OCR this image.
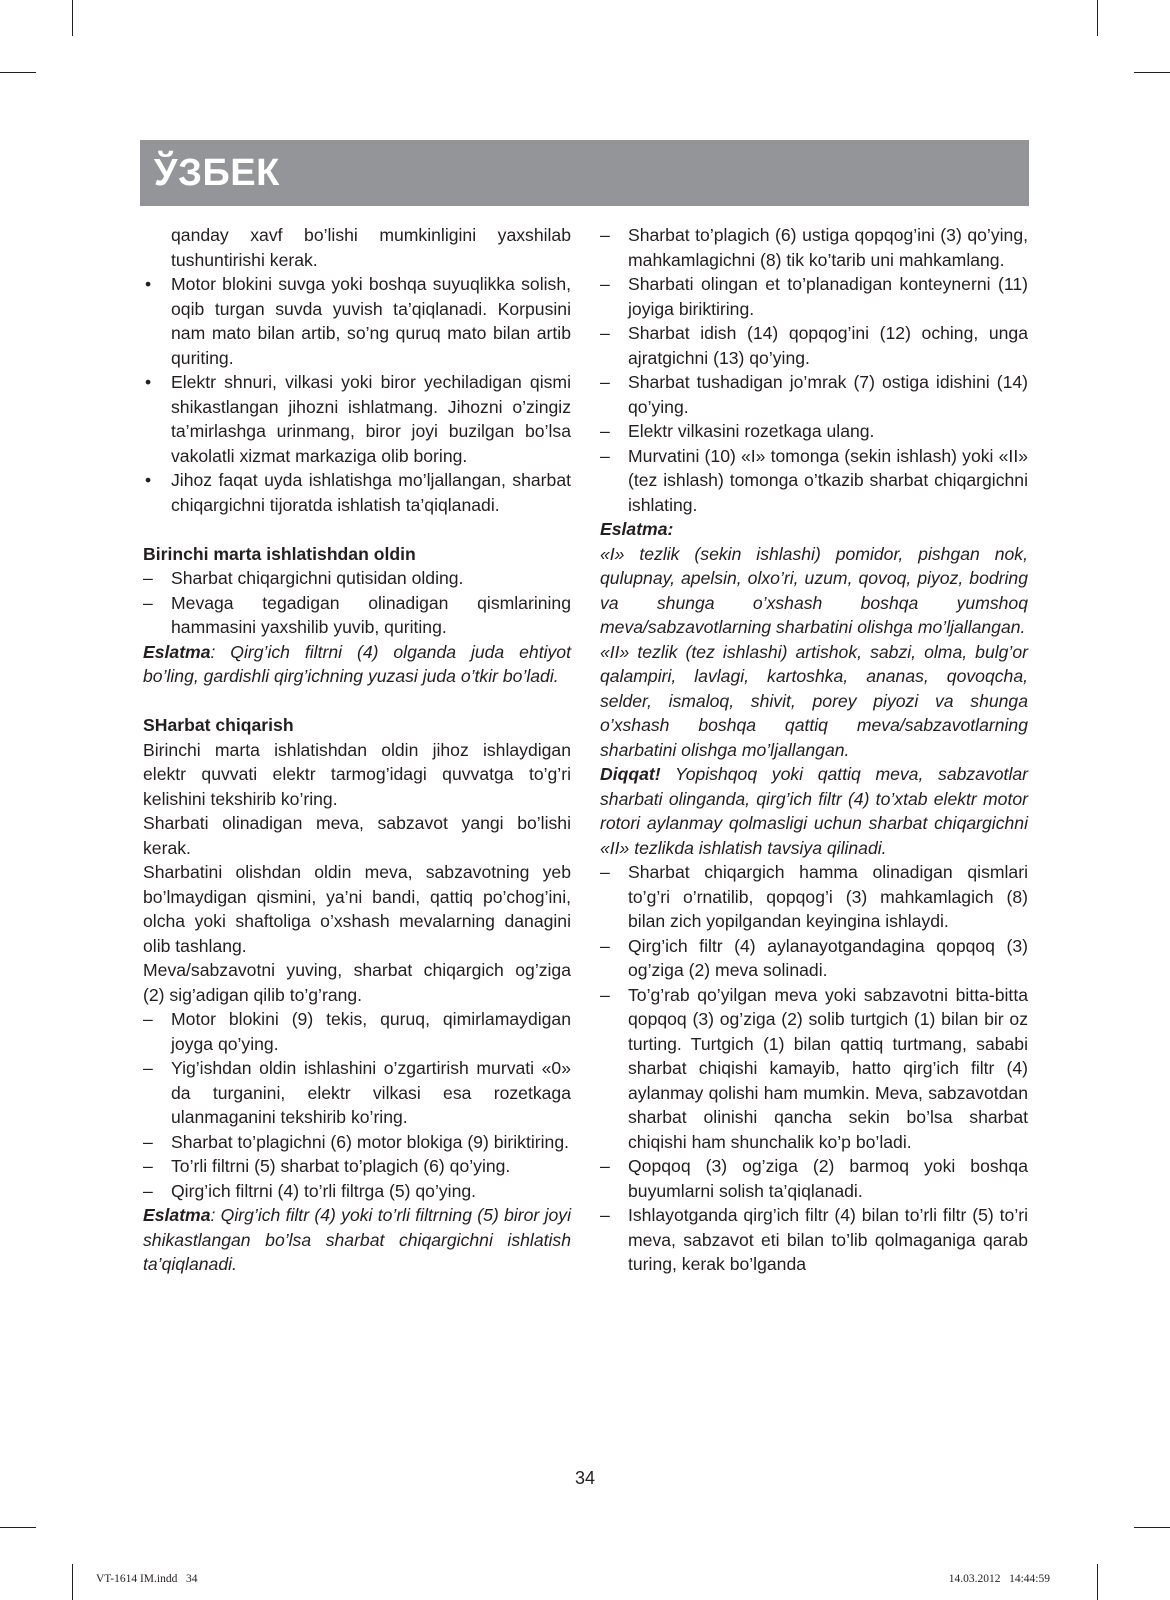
ЎЗБЕК

qanday xavf bo’lishi mumkinligini yaxshilab tushuntirishi kerak.

• Motor blokini suvga yoki boshqa suyuqlikka solish, oqib turgan suvda yuvish ta’qiqlanadi. Korpusini nam mato bilan artib, so’ng quruq mato bilan artib quriting.

• Elektr shnuri, vilkasi yoki biror yechiladigan qismi shikastlangan jihozni ishlatmang. Jihozni o’zingiz ta’mirlashga urinmang, biror joyi buzilgan bo’lsa vakolatli xizmat markaziga olib boring.

• Jihoz faqat uyda ishlatishga mo’ljallangan, sharbat chiqargichni tijoratda ishlatish ta’qiqlanadi.

Birinchi marta ishlatishdan oldin

– Sharbat chiqargichni qutisidan olding.

– Mevaga tegadigan olinadigan qismlarining hammasini yaxshilib yuvib, quriting.

Eslatma: Qirg’ich filtrni (4) olganda juda ehtiyot bo’ling, gardishli qirg’ichning yuzasi juda o’tkir bo’ladi.

SHarbat chiqarish

Birinchi marta ishlatishdan oldin jihoz ishlaydigan elektr quvvati elektr tarmog’idagi quvvatga to’g’ri kelishini tekshirib ko’ring.

Sharbati olinadigan meva, sabzavot yangi bo’lishi kerak.

Sharbatini olishdan oldin meva, sabzavotning yeb bo’lmaydigan qismini, ya’ni bandi, qattiq po’chog’ini, olcha yoki shaftoliga o’xshash mevalarning danagini olib tashlang.

Meva/sabzavotni yuving, sharbat chiqargich og’ziga (2) sig’adigan qilib to’g’rang.

– Motor blokini (9) tekis, quruq, qimirlamaydigan joyga qo’ying.

– Yig’ishdan oldin ishlashini o’zgartirish murvati «0» da turganini, elektr vilkasi esa rozetkaga ulanmaganini tekshirib ko’ring.

– Sharbat to’plagichni (6) motor blokiga (9) biriktiring.

– To’rli filtrni (5) sharbat to’plagich (6) qo’ying.

– Qirg’ich filtrni (4) to’rli filtrga (5) qo’ying.

Eslatma: Qirg’ich filtr (4) yoki to’rli filtrning (5) biror joyi shikastlangan bo’lsa sharbat chiqargichni ishlatish ta’qiqlanadi.

– Sharbat to’plagich (6) ustiga qopqog’ini (3) qo’ying, mahkamlagichni (8) tik ko’tarib uni mahkamlang.

– Sharbati olingan et to’planadigan konteynerni (11) joyiga biriktiring.

– Sharbat idish (14) qopqog’ini (12) oching, unga ajratgichni (13) qo’ying.

– Sharbat tushadigan jo’mrak (7) ostiga idishini (14) qo’ying.

– Elektr vilkasini rozetkaga ulang.

– Murvatini (10) «I» tomonga (sekin ishlash) yoki «II» (tez ishlash) tomonga o’tkazib sharbat chiqargichni ishlating.

Eslatma:

«I» tezlik (sekin ishlashi) pomidor, pishgan nok, qulupnay, apelsin, olxo’ri, uzum, qovoq, piyoz, bodring va shunga o’xshash boshqa yumshoq meva/sabzavotlarning sharbatini olishga mo’ljallangan.

«II» tezlik (tez ishlashi) artishok, sabzi, olma, bulg’or qalampiri, lavlagi, kartoshka, ananas, qovoqcha, selder, ismaloq, shivit, porey piyozi va shunga o’xshash boshqa qattiq meva/sabzavotlarning sharbatini olishga mo’ljallangan.

Diqqat! Yopishqoq yoki qattiq meva, sabzavotlar sharbati olinganda, qirg’ich filtr (4) to’xtab elektr motor rotori aylanmay qolmasligi uchun sharbat chiqargichni «II» tezlikda ishlatish tavsiya qilinadi.

– Sharbat chiqargich hamma olinadigan qismlari to’g’ri o’rnatilib, qopqog’i (3) mahkamlagich (8) bilan zich yopilgandan keyingina ishlaydi.

– Qirg’ich filtr (4) aylanayotgandagina qopqoq (3) og’ziga (2) meva solinadi.

– To’g’rab qo’yilgan meva yoki sabzavotni bitta-bitta qopqoq (3) og’ziga (2) solib turtgich (1) bilan bir oz turting. Turtgich (1) bilan qattiq turtmang, sababi sharbat chiqishi kamayib, hatto qirg’ich filtr (4) aylanmay qolishi ham mumkin. Meva, sabzavotdan sharbat olinishi qancha sekin bo’lsa sharbat chiqishi ham shunchalik ko’p bo’ladi.

– Qopqoq (3) og’ziga (2) barmoq yoki boshqa buyumlarni solish ta’qiqlanadi.

– Ishlayotganda qirg’ich filtr (4) bilan to’rli filtr (5) to’ri meva, sabzavot eti bilan to’lib qolmaganiga qarab turing, kerak bo’lganda

34
VT-1614 IM.indd   34	14.03.2012   14:44:59
